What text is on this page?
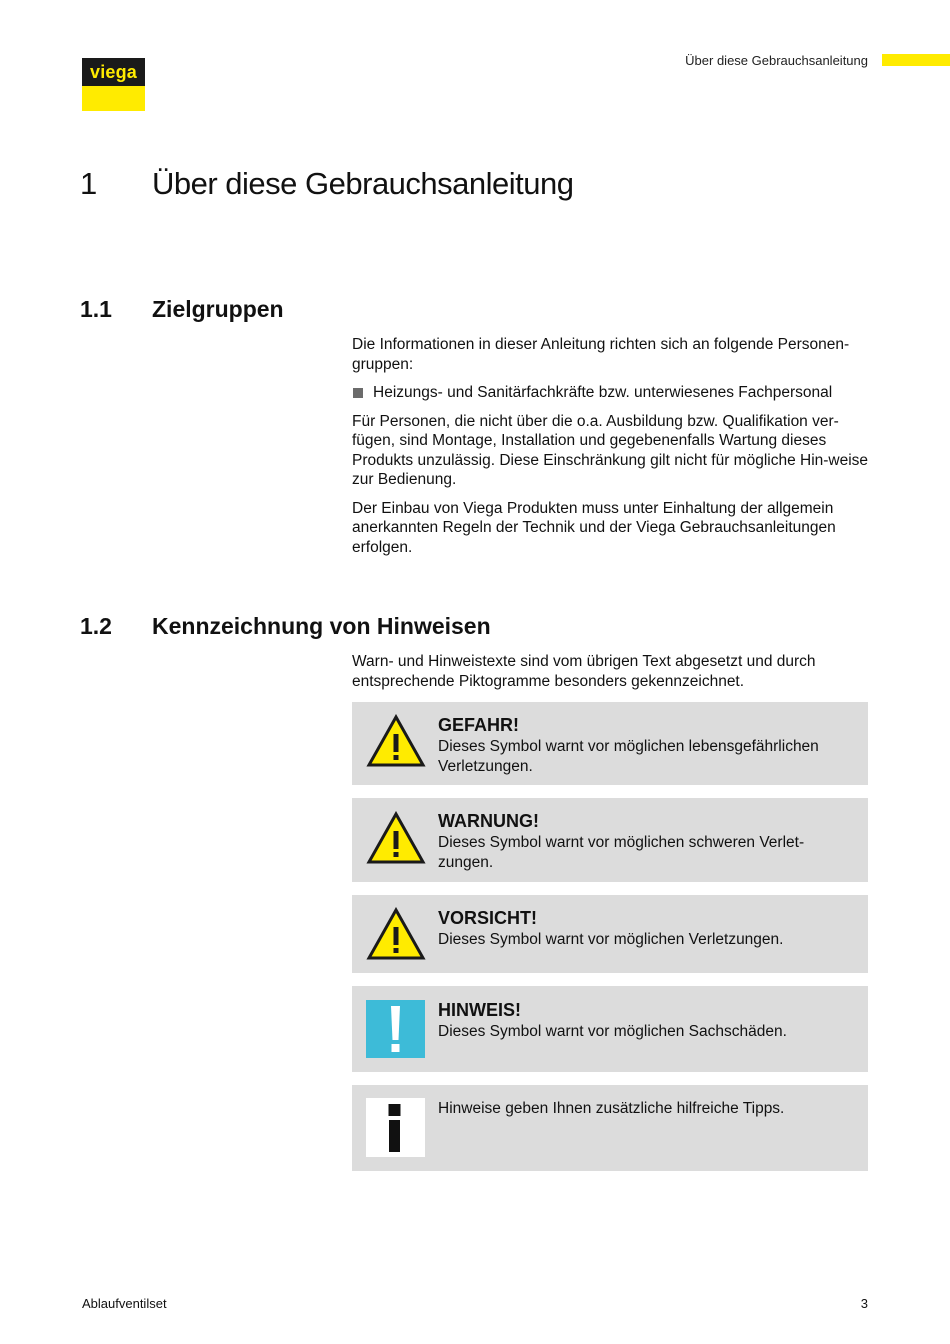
viega
Über diese Gebrauchsanleitung
1 Über diese Gebrauchsanleitung
1.1 Zielgruppen

Die Informationen in dieser Anleitung richten sich an folgende Personen-gruppen:

Heizungs- und Sanitärfachkräfte bzw. unterwiesenes Fachpersonal

Für Personen, die nicht über die o.a. Ausbildung bzw. Qualifikation ver-fügen, sind Montage, Installation und gegebenenfalls Wartung dieses Produkts unzulässig. Diese Einschränkung gilt nicht für mögliche Hin-weise zur Bedienung.

Der Einbau von Viega Produkten muss unter Einhaltung der allgemein anerkannten Regeln der Technik und der Viega Gebrauchsanleitungen erfolgen.

1.2 Kennzeichnung von Hinweisen

Warn- und Hinweistexte sind vom übrigen Text abgesetzt und durch entsprechende Piktogramme besonders gekennzeichnet.

GEFAHR!
Dieses Symbol warnt vor möglichen lebensgefährlichen Verletzungen.
WARNUNG!
Dieses Symbol warnt vor möglichen schweren Verlet-zungen.
VORSICHT!
Dieses Symbol warnt vor möglichen Verletzungen.
HINWEIS!
Dieses Symbol warnt vor möglichen Sachschäden.
Hinweise geben Ihnen zusätzliche hilfreiche Tipps.
Ablaufventilset	3
